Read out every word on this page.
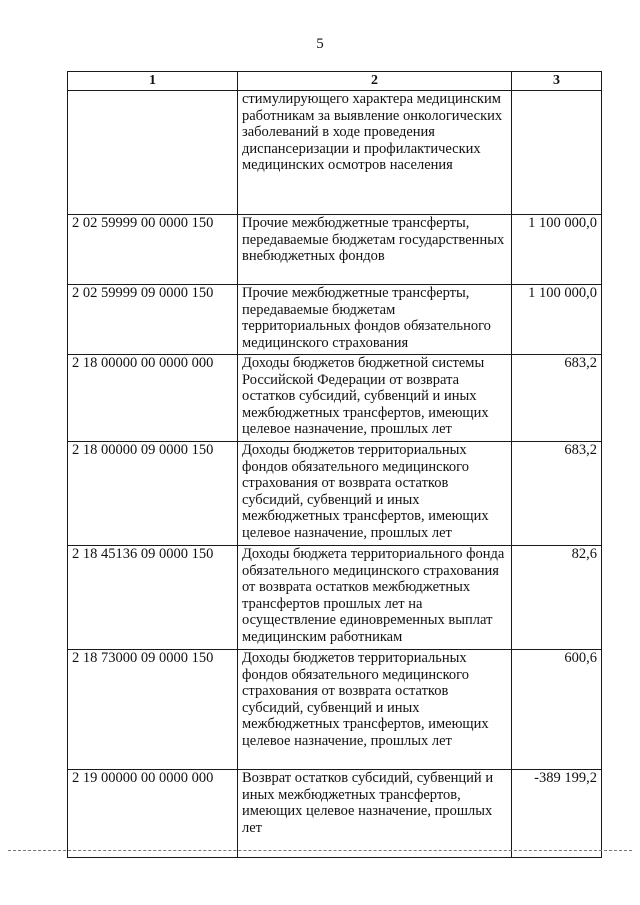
5
1	2	3
	стимулирующего характера медицинским работникам за выявление онкологических заболеваний в ходе проведения диспансеризации и профилактических медицинских осмотров населения	
2 02 59999 00 0000 150	Прочие межбюджетные трансферты, передаваемые бюджетам государственных внебюджетных фондов	1 100 000,0
2 02 59999 09 0000 150	Прочие межбюджетные трансферты, передаваемые бюджетам территориальных фондов обязательного медицинского страхования	1 100 000,0
2 18 00000 00 0000 000	Доходы бюджетов бюджетной системы Российской Федерации от возврата остатков субсидий, субвенций и иных межбюджетных трансфертов, имеющих целевое назначение, прошлых лет	683,2
2 18 00000 09 0000 150	Доходы бюджетов территориальных фондов обязательного медицинского страхования от возврата остатков субсидий, субвенций и иных межбюджетных трансфертов, имеющих целевое назначение, прошлых лет	683,2
2 18 45136 09 0000 150	Доходы бюджета территориального фонда обязательного медицинского страхования от возврата остатков межбюджетных трансфертов прошлых лет на осуществление единовременных выплат медицинским работникам	82,6
2 18 73000 09 0000 150	Доходы бюджетов территориальных фондов обязательного медицинского страхования от возврата остатков субсидий, субвенций и иных межбюджетных трансфертов, имеющих целевое назначение, прошлых лет	600,6
2 19 00000 00 0000 000	Возврат остатков субсидий, субвенций и иных межбюджетных трансфертов, имеющих целевое назначение, прошлых лет	-389 199,2
